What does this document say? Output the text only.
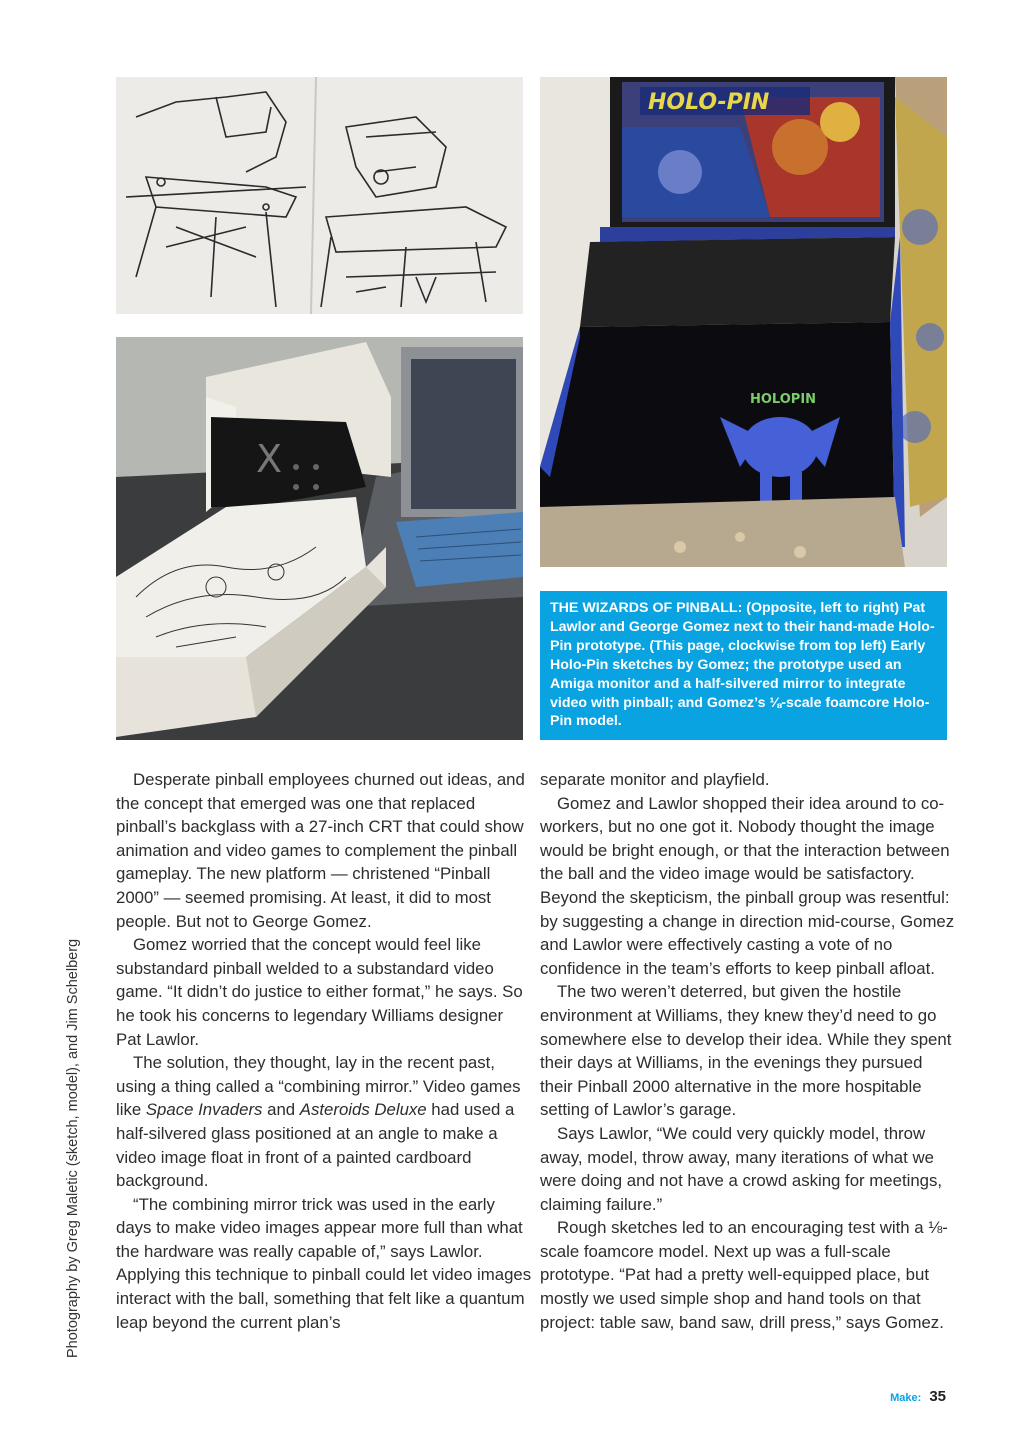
X
HOLO-PIN
HOLOPIN
THE WIZARDS OF PINBALL: (Opposite, left to right) Pat Lawlor and George Gomez next to their hand-made Holo-Pin prototype. (This page, clockwise from top left) Early Holo-Pin sketches by Gomez; the prototype used an Amiga monitor and a half-silvered mirror to integrate video with pinball; and Gomez’s ⅛-scale foamcore Holo-Pin model.
Photography by Greg Maletic (sketch, model), and Jim Schelberg

Desperate pinball employees churned out ideas, and the concept that emerged was one that replaced pinball’s backglass with a 27-inch CRT that could show animation and video games to complement the pinball gameplay. The new platform — christened “Pinball 2000” — seemed promising. At least, it did to most people. But not to George Gomez.

Gomez worried that the concept would feel like substandard pinball welded to a substandard video game. “It didn’t do justice to either format,” he says. So he took his concerns to legendary Williams designer Pat Lawlor.

The solution, they thought, lay in the recent past, using a thing called a “combining mirror.” Video games like Space Invaders and Asteroids Deluxe had used a half-silvered glass positioned at an angle to make a video image float in front of a painted cardboard background.

“The combining mirror trick was used in the early days to make video images appear more full than what the hardware was really capable of,” says Lawlor. Applying this technique to pinball could let video images interact with the ball, something that felt like a quantum leap beyond the current plan’s

separate monitor and playfield.

Gomez and Lawlor shopped their idea around to co-workers, but no one got it. Nobody thought the image would be bright enough, or that the interaction between the ball and the video image would be satisfactory. Beyond the skepticism, the pinball group was resentful: by suggesting a change in direction mid-course, Gomez and Lawlor were effectively casting a vote of no confidence in the team’s efforts to keep pinball afloat.

The two weren’t deterred, but given the hostile environment at Williams, they knew they’d need to go somewhere else to develop their idea. While they spent their days at Williams, in the evenings they pursued their Pinball 2000 alternative in the more hospitable setting of Lawlor’s garage.

Says Lawlor, “We could very quickly model, throw away, model, throw away, many iterations of what we were doing and not have a crowd asking for meetings, claiming failure.”

Rough sketches led to an encouraging test with a ⅛-scale foamcore model. Next up was a full-scale prototype. “Pat had a pretty well-equipped place, but mostly we used simple shop and hand tools on that project: table saw, band saw, drill press,” says Gomez.

Make: 35
